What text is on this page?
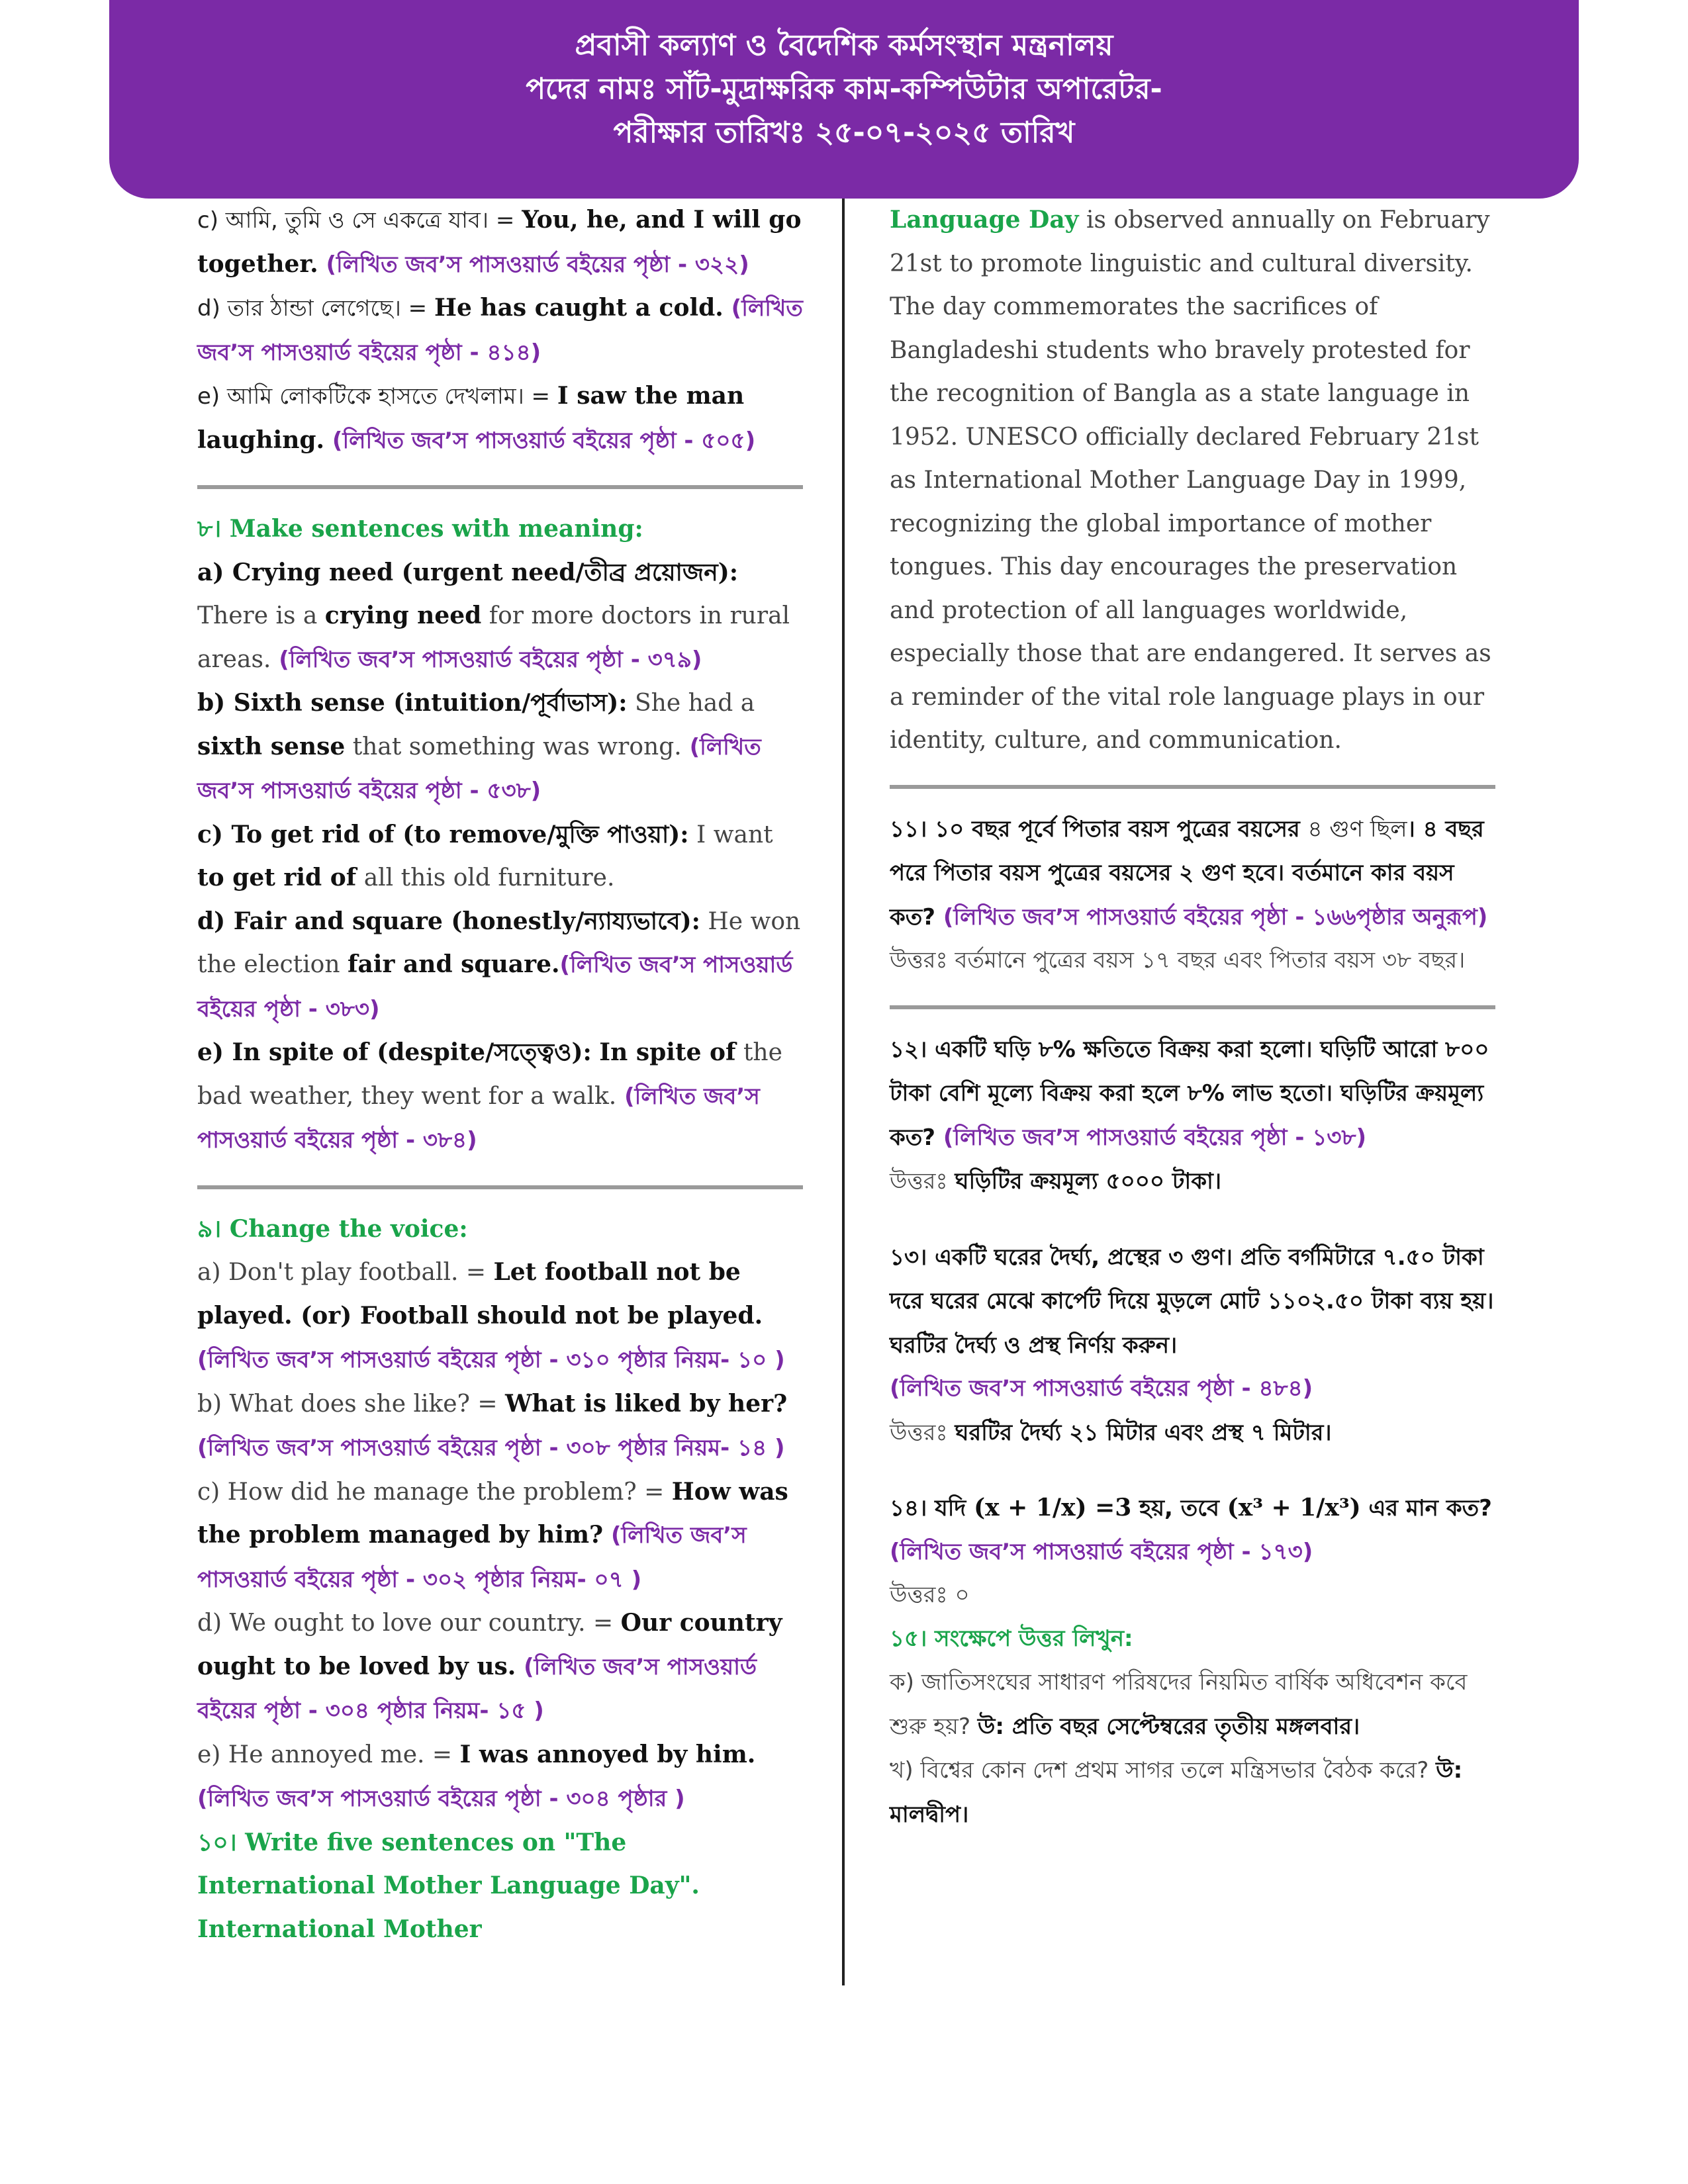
প্রবাসী কল্যাণ ও বৈদেশিক কর্মসংস্থান মন্ত্রনালয়
পদের নামঃ সাঁট-মুদ্রাক্ষরিক কাম-কম্পিউটার অপারেটর-
পরীক্ষার তারিখঃ ২৫-০৭-২০২৫ তারিখ

c) আমি, তুমি ও সে একত্রে যাব। = You, he, and I will go together. (লিখিত জব’স পাসওয়ার্ড বইয়ের পৃষ্ঠা - ৩২২)

d) তার ঠান্ডা লেগেছে। = He has caught a cold. (লিখিত জব’স পাসওয়ার্ড বইয়ের পৃষ্ঠা - ৪১৪)

e) আমি লোকটিকে হাসতে দেখলাম। = I saw the man laughing. (লিখিত জব’স পাসওয়ার্ড বইয়ের পৃষ্ঠা - ৫০৫)

৮। Make sentences with meaning:

a) Crying need (urgent need/তীব্র প্রয়োজন): There is a crying need for more doctors in rural areas. (লিখিত জব’স পাসওয়ার্ড বইয়ের পৃষ্ঠা - ৩৭৯)

b) Sixth sense (intuition/পূর্বাভাস): She had a sixth sense that something was wrong. (লিখিত জব’স পাসওয়ার্ড বইয়ের পৃষ্ঠা - ৫৩৮)

c) To get rid of (to remove/মুক্তি পাওয়া): I want to get rid of all this old furniture.

d) Fair and square (honestly/ন্যায্যভাবে): He won the election fair and square.(লিখিত জব’স পাসওয়ার্ড বইয়ের পৃষ্ঠা - ৩৮৩)

e) In spite of (despite/সত্ত্বেও): In spite of the bad weather, they went for a walk. (লিখিত জব’স পাসওয়ার্ড বইয়ের পৃষ্ঠা - ৩৮৪)

৯। Change the voice:

a) Don't play football. = Let football not be played. (or) Football should not be played. (লিখিত জব’স পাসওয়ার্ড বইয়ের পৃষ্ঠা - ৩১০ পৃষ্ঠার নিয়ম- ১০ )

b) What does she like? = What is liked by her? (লিখিত জব’স পাসওয়ার্ড বইয়ের পৃষ্ঠা - ৩০৮ পৃষ্ঠার নিয়ম- ১৪ )

c) How did he manage the problem? = How was the problem managed by him? (লিখিত জব’স পাসওয়ার্ড বইয়ের পৃষ্ঠা - ৩০২ পৃষ্ঠার নিয়ম- ০৭ )

d) We ought to love our country. = Our country ought to be loved by us. (লিখিত জব’স পাসওয়ার্ড বইয়ের পৃষ্ঠা - ৩০৪ পৃষ্ঠার নিয়ম- ১৫ )

e) He annoyed me. = I was annoyed by him. (লিখিত জব’স পাসওয়ার্ড বইয়ের পৃষ্ঠা - ৩০৪ পৃষ্ঠার )

১০। Write five sentences on "The International Mother Language Day". International Mother

Language Day is observed annually on February 21st to promote linguistic and cultural diversity. The day commemorates the sacrifices of Bangladeshi students who bravely protested for the recognition of Bangla as a state language in 1952. UNESCO officially declared February 21st as International Mother Language Day in 1999, recognizing the global importance of mother tongues. This day encourages the preservation and protection of all languages worldwide, especially those that are endangered. It serves as a reminder of the vital role language plays in our identity, culture, and communication.

১১। ১০ বছর পূর্বে পিতার বয়স পুত্রের বয়সের ৪ গুণ ছিল। ৪ বছর পরে পিতার বয়স পুত্রের বয়সের ২ গুণ হবে। বর্তমানে কার বয়স কত? (লিখিত জব’স পাসওয়ার্ড বইয়ের পৃষ্ঠা - ১৬৬পৃষ্ঠার অনুরূপ)

উত্তরঃ বর্তমানে পুত্রের বয়স ১৭ বছর এবং পিতার বয়স ৩৮ বছর।

১২। একটি ঘড়ি ৮% ক্ষতিতে বিক্রয় করা হলো। ঘড়িটি আরো ৮০০ টাকা বেশি মূল্যে বিক্রয় করা হলে ৮% লাভ হতো। ঘড়িটির ক্রয়মূল্য কত? (লিখিত জব’স পাসওয়ার্ড বইয়ের পৃষ্ঠা - ১৩৮)

উত্তরঃ ঘড়িটির ক্রয়মূল্য ৫০০০ টাকা।

১৩। একটি ঘরের দৈর্ঘ্য, প্রস্থের ৩ গুণ। প্রতি বর্গমিটারে ৭.৫০ টাকা দরে ঘরের মেঝে কার্পেট দিয়ে মুড়লে মোট ১১০২.৫০ টাকা ব্যয় হয়। ঘরটির দৈর্ঘ্য ও প্রস্থ নির্ণয় করুন।

(লিখিত জব’স পাসওয়ার্ড বইয়ের পৃষ্ঠা - ৪৮৪)

উত্তরঃ ঘরটির দৈর্ঘ্য ২১ মিটার এবং প্রস্থ ৭ মিটার।

১৪। যদি (x + 1/x) =3 হয়, তবে (x³ + 1/x³) এর মান কত?

(লিখিত জব’স পাসওয়ার্ড বইয়ের পৃষ্ঠা - ১৭৩)

উত্তরঃ ০

১৫। সংক্ষেপে উত্তর লিখুন:

ক) জাতিসংঘের সাধারণ পরিষদের নিয়মিত বার্ষিক অধিবেশন কবে শুরু হয়? উ: প্রতি বছর সেপ্টেম্বরের তৃতীয় মঙ্গলবার।

খ) বিশ্বের কোন দেশ প্রথম সাগর তলে মন্ত্রিসভার বৈঠক করে? উ: মালদ্বীপ।
